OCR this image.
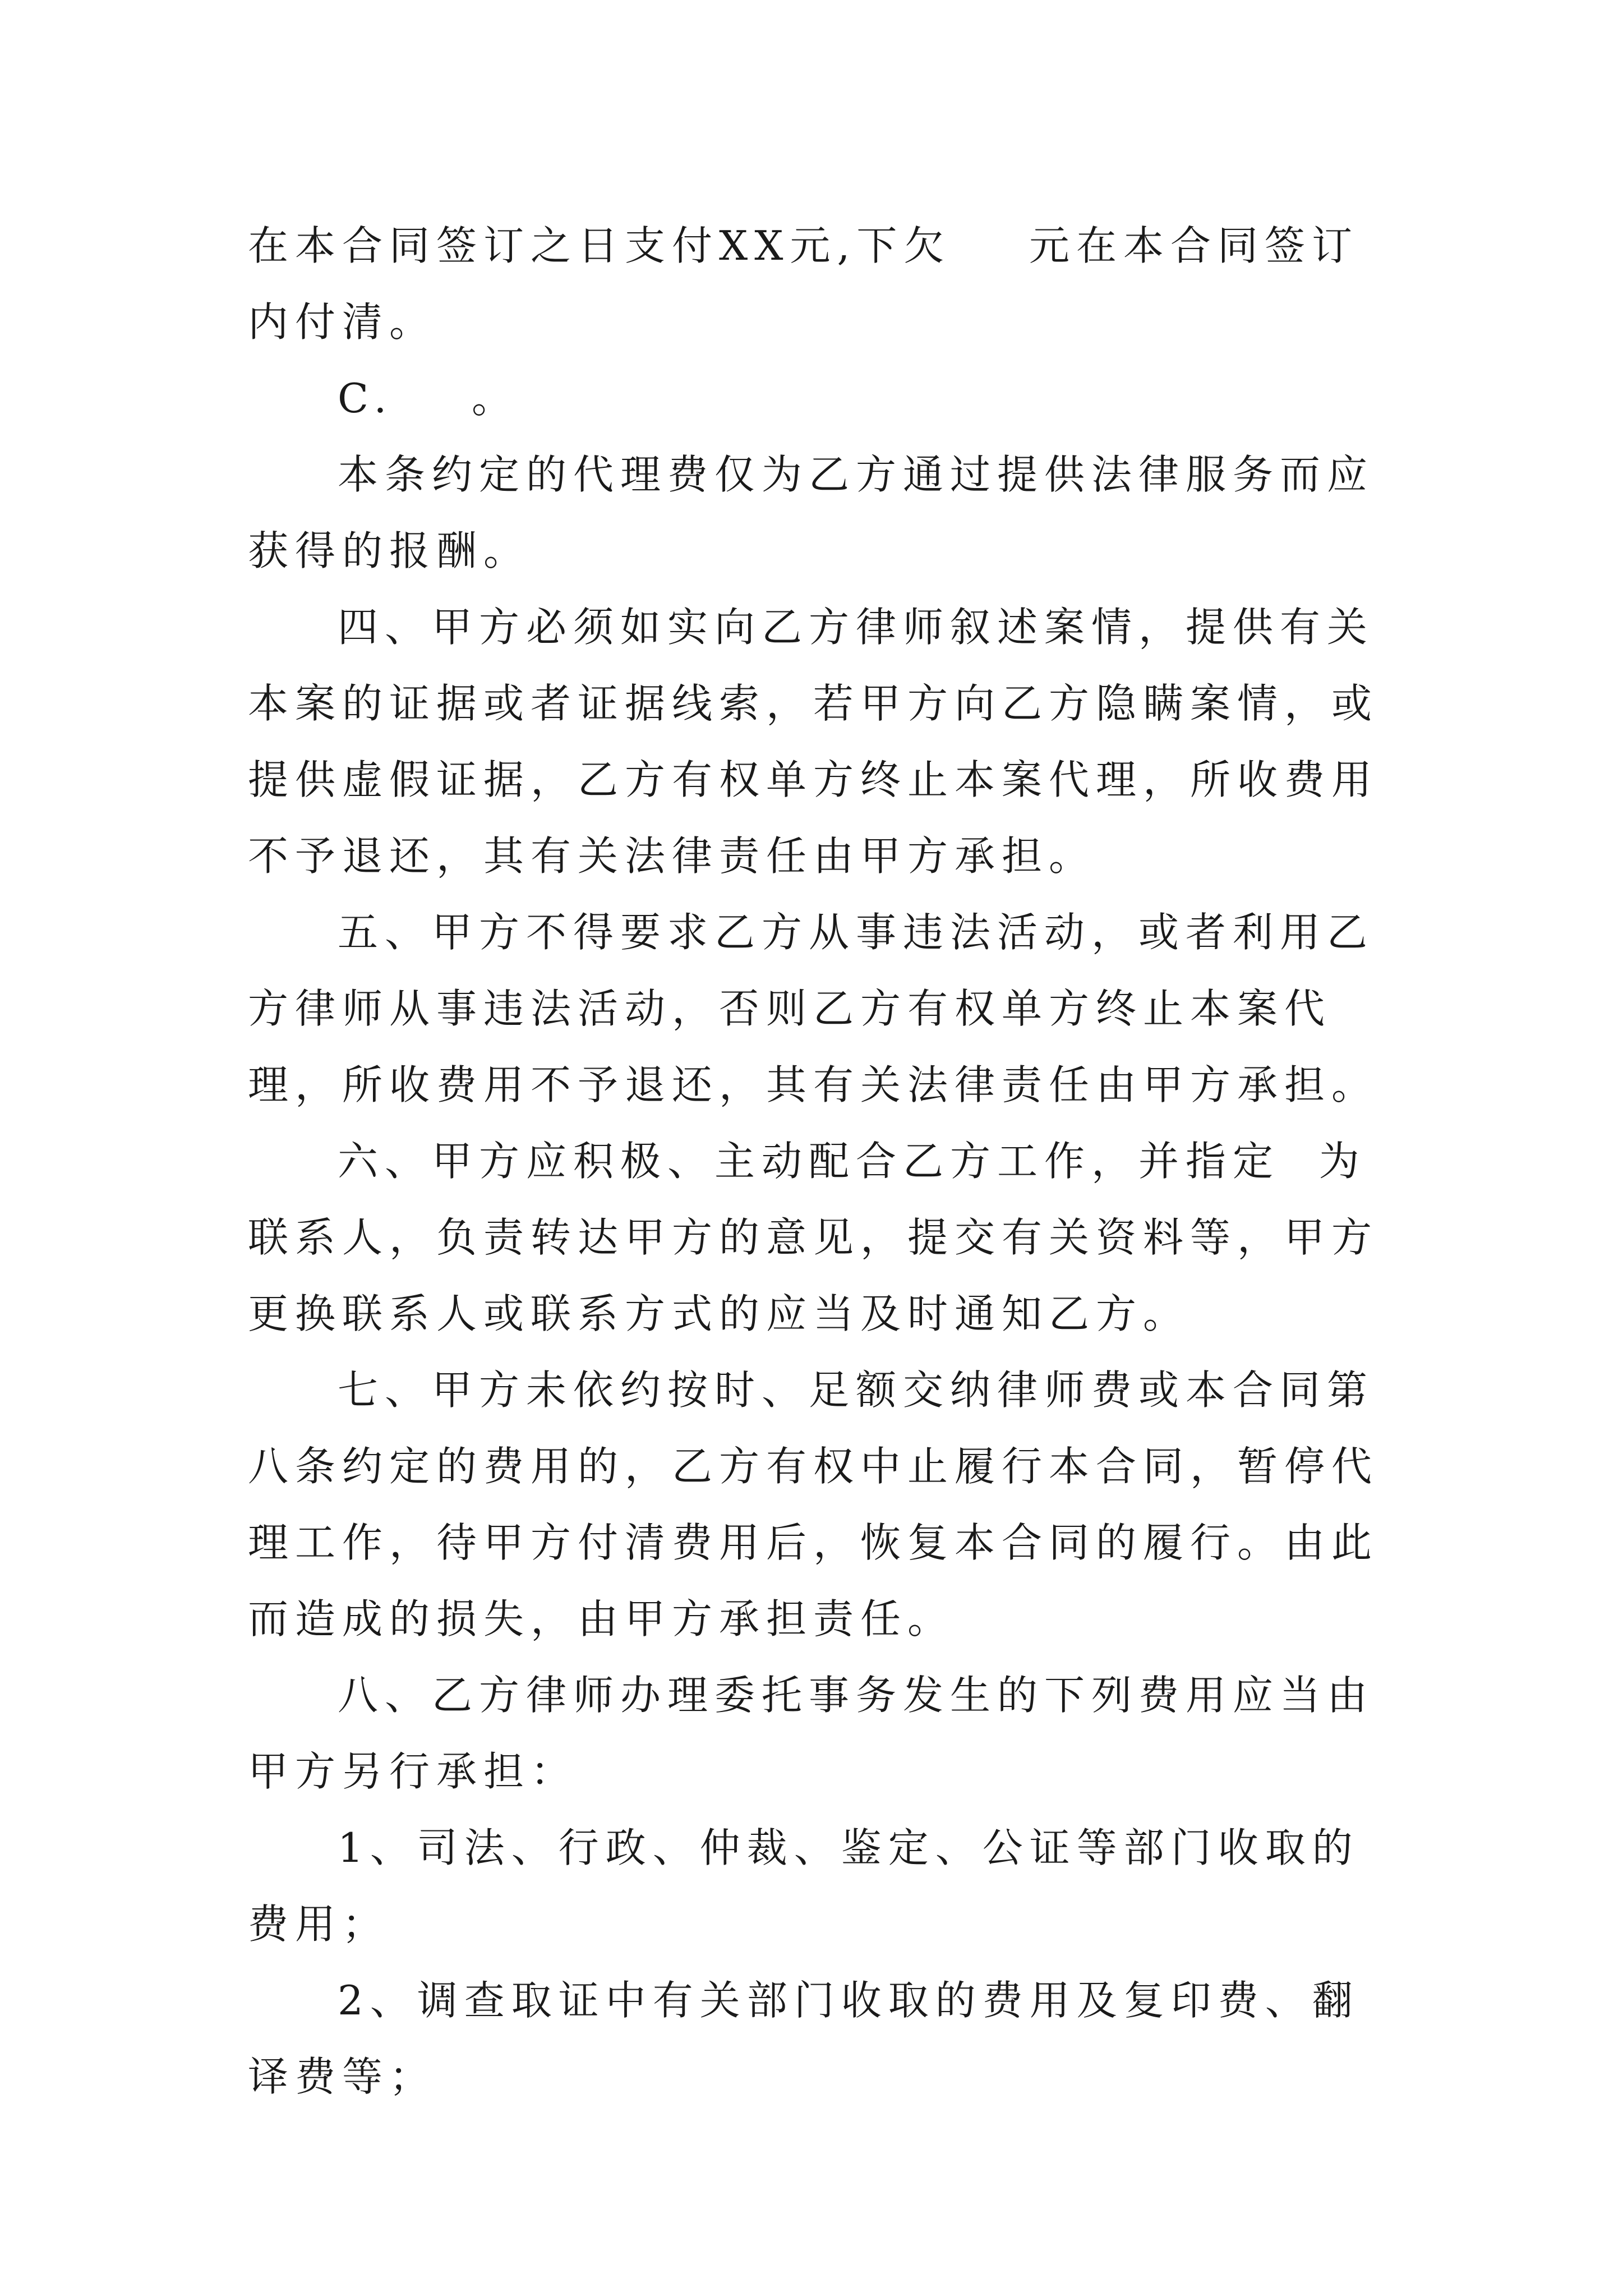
在本合同签订之日支付XX元,下欠    元在本合同签订
内付清。

C.    。

本条约定的代理费仅为乙方通过提供法律服务而应获得的报酬。

四、甲方必须如实向乙方律师叙述案情，提供有关本案的证据或者证据线索，若甲方向乙方隐瞒案情，或提供虚假证据，乙方有权单方终止本案代理，所收费用不予退还，其有关法律责任由甲方承担。

五、甲方不得要求乙方从事违法活动，或者利用乙方律师从事违法活动，否则乙方有权单方终止本案代理，所收费用不予退还，其有关法律责任由甲方承担。

六、甲方应积极、主动配合乙方工作，并指定  为联系人，负责转达甲方的意见，提交有关资料等，甲方更换联系人或联系方式的应当及时通知乙方。

七、甲方未依约按时、足额交纳律师费或本合同第八条约定的费用的，乙方有权中止履行本合同，暂停代理工作，待甲方付清费用后，恢复本合同的履行。由此而造成的损失，由甲方承担责任。

八、乙方律师办理委托事务发生的下列费用应当由甲方另行承担：

1、司法、行政、仲裁、鉴定、公证等部门收取的费用；

2、调查取证中有关部门收取的费用及复印费、翻译费等；
